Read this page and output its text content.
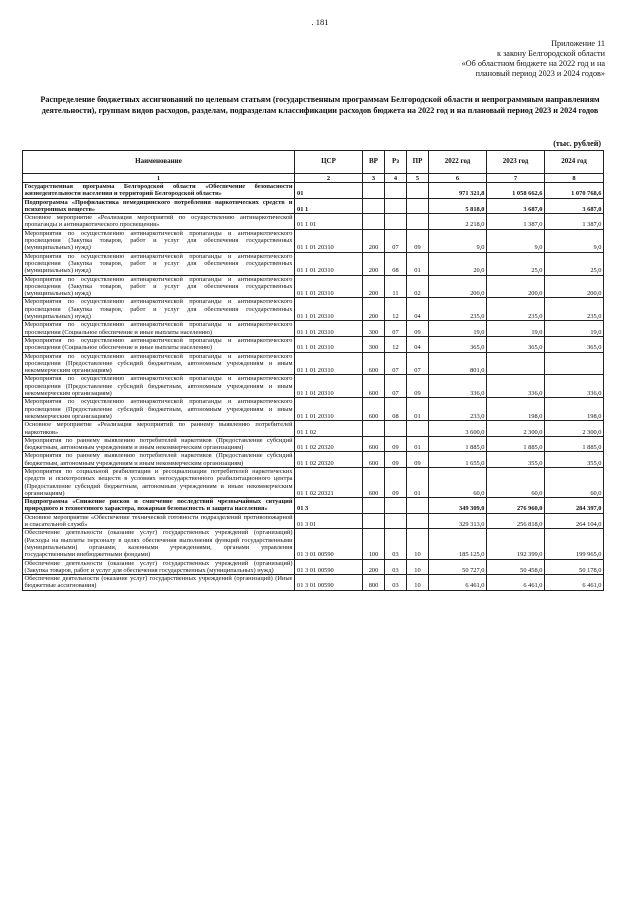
. 181
Приложение 11
к закону Белгородской области
«Об областном бюджете на 2022 год и на
плановый период 2023 и 2024 годов»
Распределение бюджетных ассигнований по целевым статьям (государственным программам Белгородской области и непрограммным направлениям деятельности), группам видов расходов, разделам, подразделам классификации расходов бюджета на 2022 год и на плановый период 2023 и 2024 годов
(тыс. рублей)
Наименование	ЦСР	ВР	Рз	ПР	2022 год	2023 год	2024 год
1	2	3	4	5	6	7	8
Государственная программа Белгородской области «Обеспечение безопасности жизнедеятельности населения и территорий Белгородской области»	01				971 321,8	1 058 662,6	1 070 768,6
Подпрограмма «Профилактика немедицинского потребления наркотических средств и психотропных веществ»	01 1				5 818,0	3 687,0	3 687,0
Основное мероприятие «Реализация мероприятий по осуществлению антинаркотической пропаганды и антинаркотического просвещения»	01 1 01				2 218,0	1 387,0	1 387,0
Мероприятия по осуществлению антинаркотической пропаганды и антинаркотического просвещения (Закупка товаров, работ и услуг для обеспечения государственных (муниципальных) нужд)	01 1 01 20310	200	07	09	9,0	9,0	9,0
Мероприятия по осуществлению антинаркотической пропаганды и антинаркотического просвещения (Закупка товаров, работ и услуг для обеспечения государственных (муниципальных) нужд)	01 1 01 20310	200	08	01	20,0	25,0	25,0
Мероприятия по осуществлению антинаркотической пропаганды и антинаркотического просвещения (Закупка товаров, работ и услуг для обеспечения государственных (муниципальных) нужд)	01 1 01 20310	200	11	02	200,0	200,0	200,0
Мероприятия по осуществлению антинаркотической пропаганды и антинаркотического просвещения (Закупка товаров, работ и услуг для обеспечения государственных (муниципальных) нужд)	01 1 01 20310	200	12	04	235,0	235,0	235,0
Мероприятия по осуществлению антинаркотической пропаганды и антинаркотического просвещения (Социальное обеспечение и иные выплаты населению)	01 1 01 20310	300	07	09	19,0	19,0	19,0
Мероприятия по осуществлению антинаркотической пропаганды и антинаркотического просвещения (Социальное обеспечение и иные выплаты населению)	01 1 01 20310	300	12	04	365,0	365,0	365,0
Мероприятия по осуществлению антинаркотической пропаганды и антинаркотического просвещения (Предоставление субсидий бюджетным, автономным учреждениям и иным некоммерческим организациям)	01 1 01 20310	600	07	07	801,0		
Мероприятия по осуществлению антинаркотической пропаганды и антинаркотического просвещения (Предоставление субсидий бюджетным, автономным учреждениям и иным некоммерческим организациям)	01 1 01 20310	600	07	09	336,0	336,0	336,0
Мероприятия по осуществлению антинаркотической пропаганды и антинаркотического просвещения (Предоставление субсидий бюджетным, автономным учреждениям и иным некоммерческим организациям)	01 1 01 20310	600	08	01	233,0	198,0	198,0
Основное мероприятие «Реализация мероприятий по раннему выявлению потребителей наркотиков»	01 1 02				3 600,0	2 300,0	2 300,0
Мероприятия по раннему выявлению потребителей наркотиков (Предоставление субсидий бюджетным, автономным учреждениям и иным некоммерческим организациям)	01 1 02 20320	600	09	01	1 885,0	1 885,0	1 885,0
Мероприятия по раннему выявлению потребителей наркотиков (Предоставление субсидий бюджетным, автономным учреждениям и иным некоммерческим организациям)	01 1 02 20320	600	09	09	1 655,0	355,0	355,0
Мероприятия по социальной реабилитации и ресоциализации потребителей наркотических средств и психотропных веществ в условиях негосударственного реабилитационного центра (Предоставление субсидий бюджетным, автономным учреждениям и иным некоммерческим организациям)	01 1 02 20321	600	09	01	60,0	60,0	60,0
Подпрограмма «Снижение рисков и смягчение последствий чрезвычайных ситуаций природного и техногенного характера, пожарная безопасность и защита населения»	01 3				349 309,0	276 960,0	284 397,0
Основное мероприятие «Обеспечение технической готовности подразделений противопожарной и спасательной служб»	01 3 01				329 313,0	256 818,0	264 104,0
Обеспечение деятельности (оказание услуг) государственных учреждений (организаций) (Расходы на выплаты персоналу в целях обеспечения выполнения функций государственными (муниципальными) органами, казенными учреждениями, органами управления государственными внебюджетными фондами)	01 3 01 00590	100	03	10	185 125,0	192 399,0	199 965,0
Обеспечение деятельности (оказание услуг) государственных учреждений (организаций) (Закупка товаров, работ и услуг для обеспечения государственных (муниципальных) нужд)	01 3 01 00590	200	03	10	50 727,0	50 458,0	50 178,0
Обеспечение деятельности (оказание услуг) государственных учреждений (организаций) (Иные бюджетные ассигнования)	01 3 01 00590	800	03	10	6 461,0	6 461,0	6 461,0
